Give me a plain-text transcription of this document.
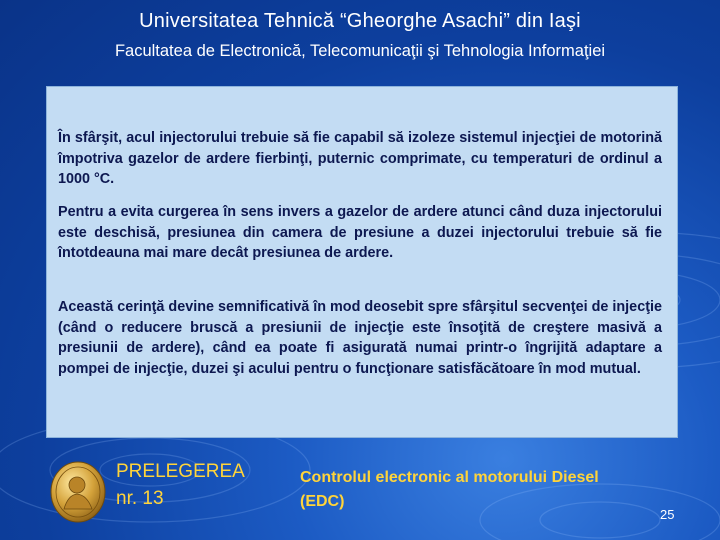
Universitatea Tehnică “Gheorghe Asachi” din Iaşi
Facultatea de Electronică, Telecomunicaţii şi Tehnologia Informaţiei
În sfârşit, acul injectorului trebuie să fie capabil să izoleze sistemul injecţiei de motorină împotriva gazelor de ardere fierbinţi, puternic comprimate, cu temperaturi de ordinul a 1000 °C.
Pentru a evita curgerea în sens invers a gazelor de ardere atunci când duza injectorului este deschisă, presiunea din camera de presiune a duzei injectorului trebuie să fie întotdeauna mai mare decât presiunea de ardere.
Această cerinţă devine semnificativă în mod deosebit spre sfârşitul secvenţei de injecţie (când o reducere bruscă a presiunii de injecţie este însoţită de creştere masivă a presiunii de ardere), când ea poate fi asigurată numai printr-o îngrijită adaptare a pompei de injecţie, duzei şi acului pentru o funcţionare satisfăcătoare în mod mutual.
PRELEGEREA
nr. 13
Controlul electronic al motorului Diesel (EDC)
25
